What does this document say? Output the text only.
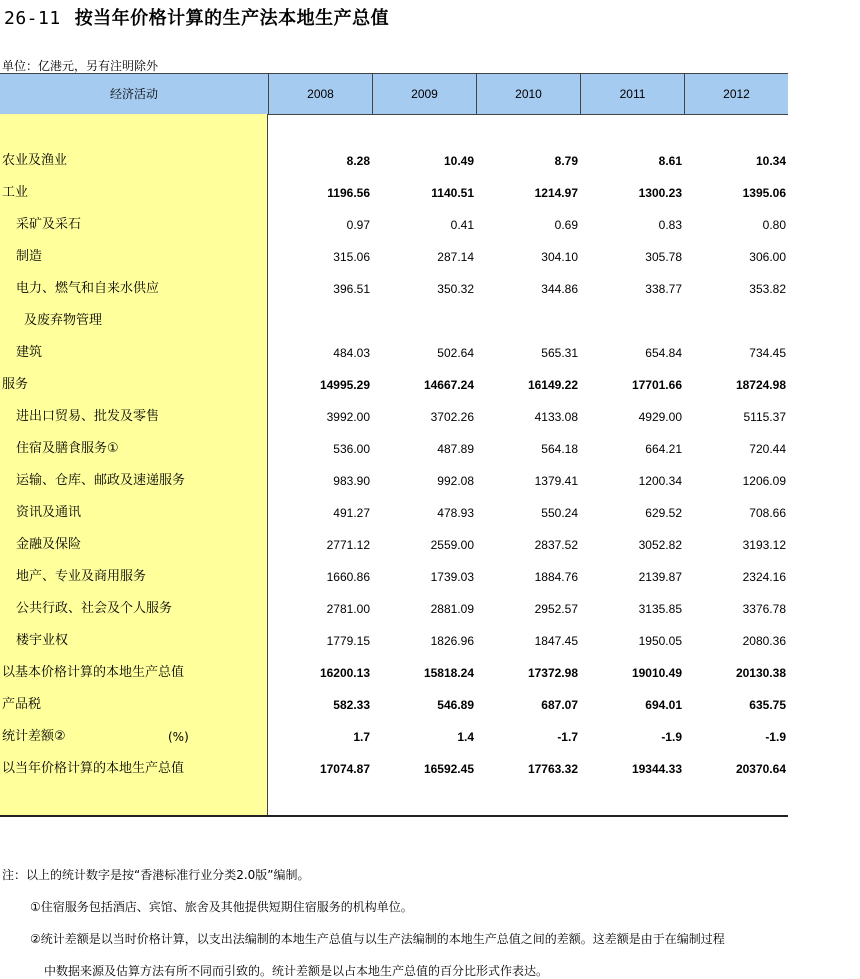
26-11 按当年价格计算的生产法本地生产总值
单位：亿港元，另有注明除外
经济活动	2008	2009	2010	2011	2012
农业及渔业	8.28	10.49	8.79	8.61	10.34
工业	1196.56	1140.51	1214.97	1300.23	1395.06
采矿及采石	0.97	0.41	0.69	0.83	0.80
制造	315.06	287.14	304.10	305.78	306.00
电力、燃气和自来水供应	396.51	350.32	344.86	338.77	353.82
及废弃物管理
建筑	484.03	502.64	565.31	654.84	734.45
服务	14995.29	14667.24	16149.22	17701.66	18724.98
进出口贸易、批发及零售	3992.00	3702.26	4133.08	4929.00	5115.37
住宿及膳食服务①	536.00	487.89	564.18	664.21	720.44
运输、仓库、邮政及速递服务	983.90	992.08	1379.41	1200.34	1206.09
资讯及通讯	491.27	478.93	550.24	629.52	708.66
金融及保险	2771.12	2559.00	2837.52	3052.82	3193.12
地产、专业及商用服务	1660.86	1739.03	1884.76	2139.87	2324.16
公共行政、社会及个人服务	2781.00	2881.09	2952.57	3135.85	3376.78
楼宇业权	1779.15	1826.96	1847.45	1950.05	2080.36
以基本价格计算的本地生产总值	16200.13	15818.24	17372.98	19010.49	20130.38
产品税	582.33	546.89	687.07	694.01	635.75
统计差额②	(%)	1.7	1.4	-1.7	-1.9	-1.9
以当年价格计算的本地生产总值	17074.87	16592.45	17763.32	19344.33	20370.64
注：以上的统计数字是按“香港标准行业分类2.0版”编制。
①住宿服务包括酒店、宾馆、旅舍及其他提供短期住宿服务的机构单位。
②统计差额是以当时价格计算，以支出法编制的本地生产总值与以生产法编制的本地生产总值之间的差额。这差额是由于在编制过程
中数据来源及估算方法有所不同而引致的。统计差额是以占本地生产总值的百分比形式作表达。
